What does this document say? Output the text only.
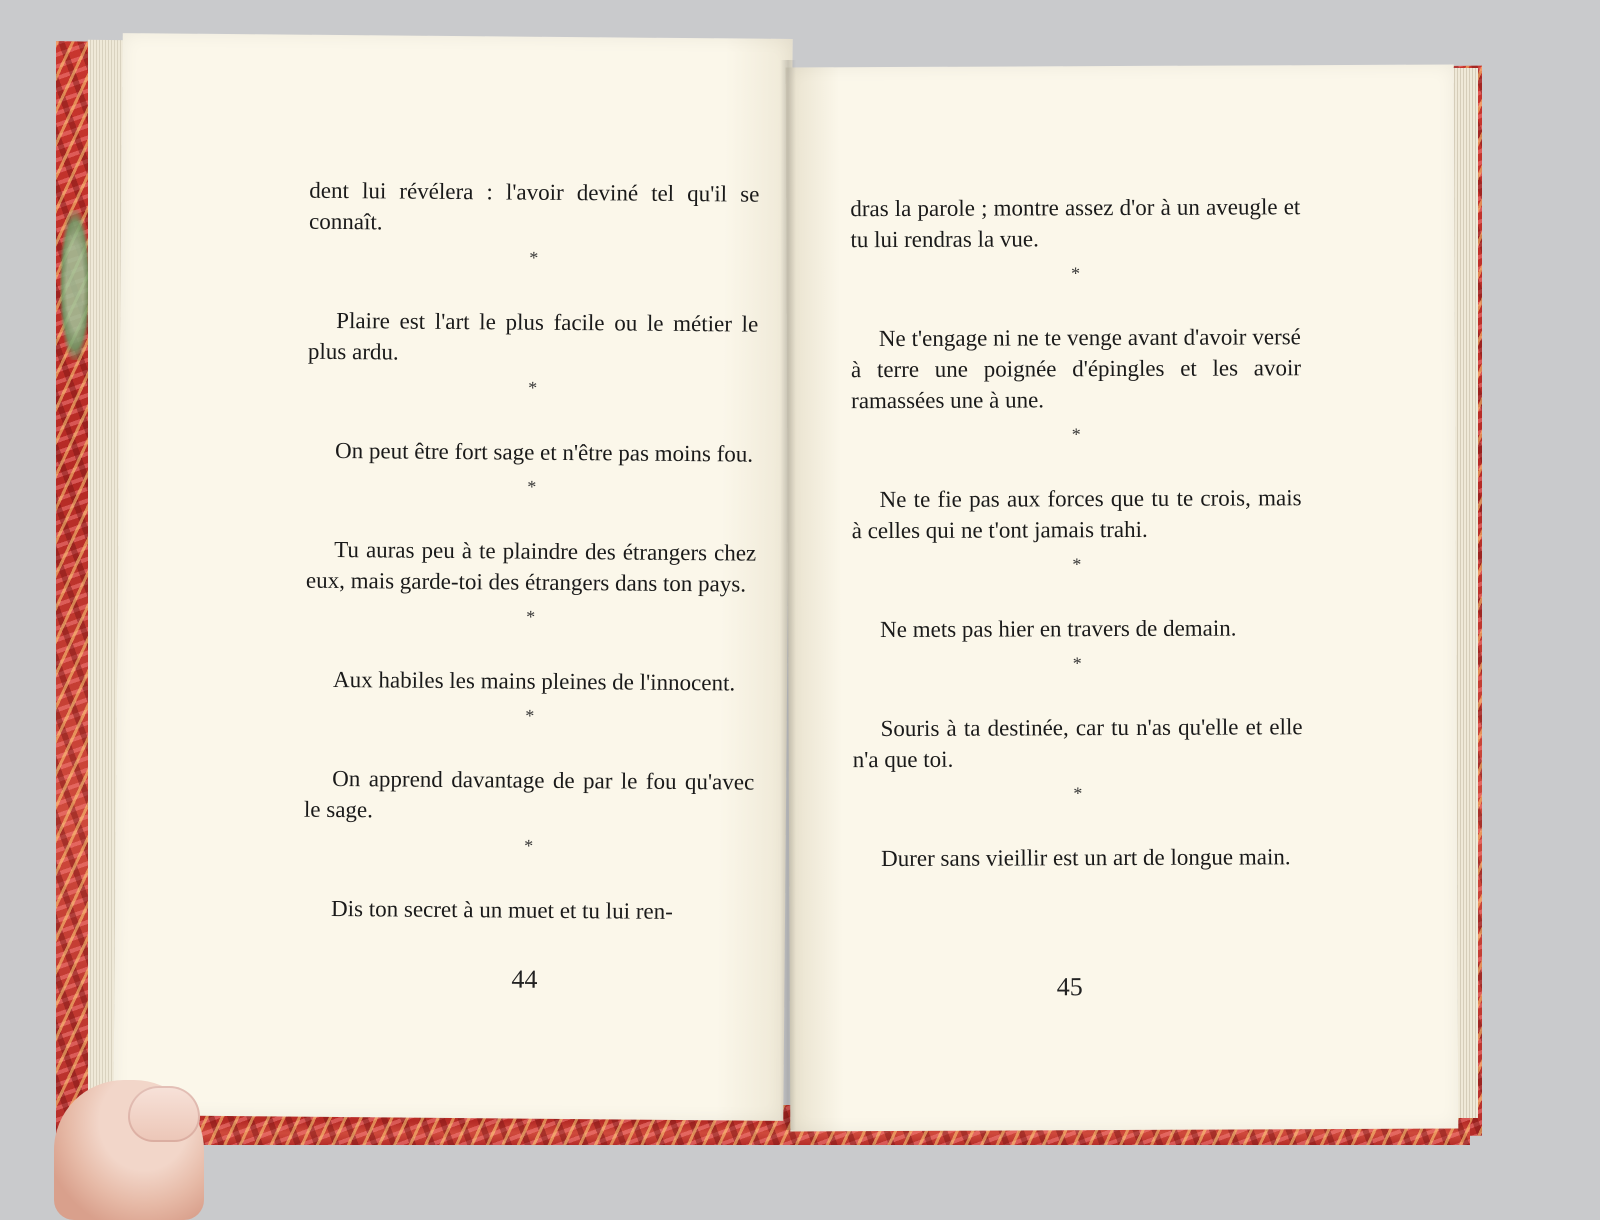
dent lui révélera : l'avoir deviné tel qu'il se connaît.

*

Plaire est l'art le plus facile ou le métier le plus ardu.

*

On peut être fort sage et n'être pas moins fou.

*

Tu auras peu à te plaindre des étrangers chez eux, mais garde-toi des étrangers dans ton pays.

*

Aux habiles les mains pleines de l'innocent.

*

On apprend davantage de par le fou qu'avec le sage.

*

Dis ton secret à un muet et tu lui ren-

44

dras la parole ; montre assez d'or à un aveugle et tu lui rendras la vue.

*

Ne t'engage ni ne te venge avant d'avoir versé à terre une poignée d'épingles et les avoir ramassées une à une.

*

Ne te fie pas aux forces que tu te crois, mais à celles qui ne t'ont jamais trahi.

*

Ne mets pas hier en travers de demain.

*

Souris à ta destinée, car tu n'as qu'elle et elle n'a que toi.

*

Durer sans vieillir est un art de longue main.

45
